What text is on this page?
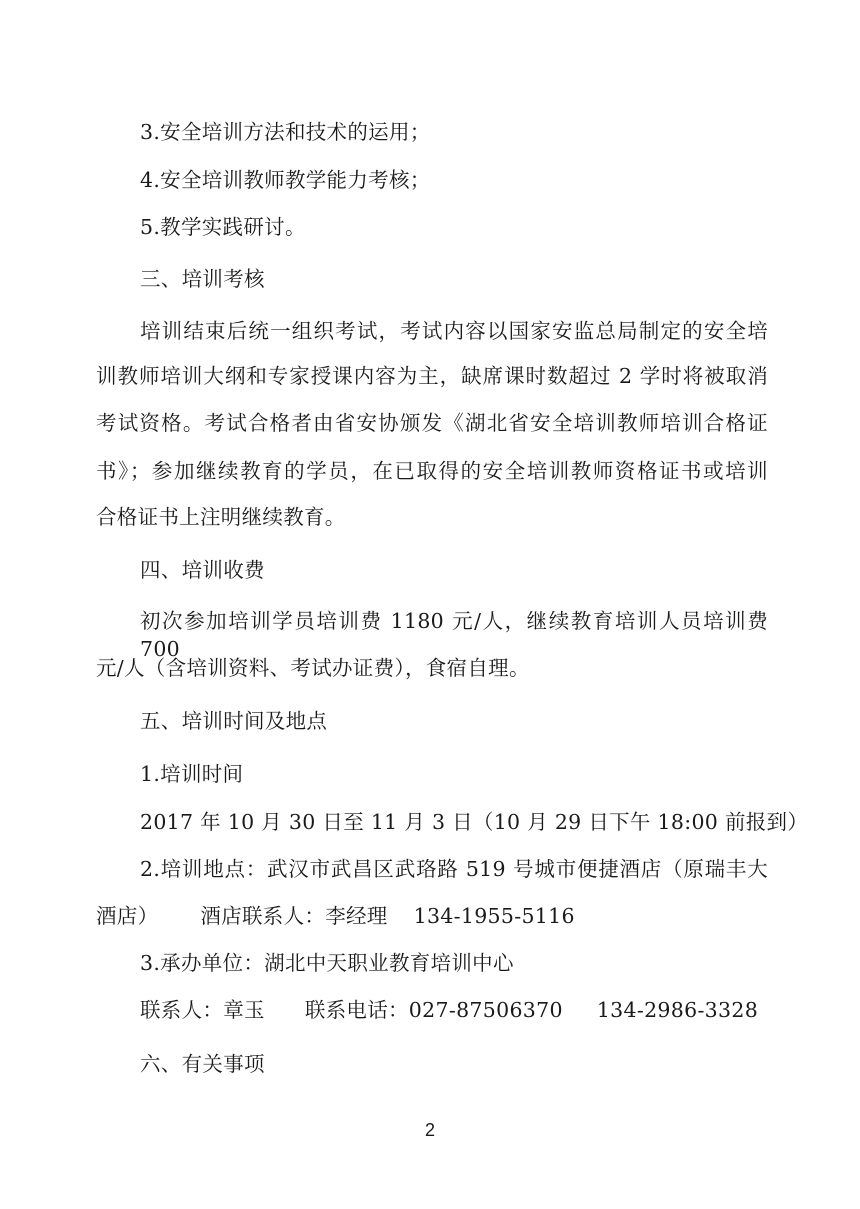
3.安全培训方法和技术的运用；
4.安全培训教师教学能力考核；
5.教学实践研讨。
三、培训考核
培训结束后统一组织考试，考试内容以国家安监总局制定的安全培
训教师培训大纲和专家授课内容为主，缺席课时数超过 2 学时将被取消
考试资格。考试合格者由省安协颁发《湖北省安全培训教师培训合格证
书》；参加继续教育的学员，在已取得的安全培训教师资格证书或培训
合格证书上注明继续教育。
四、培训收费
初次参加培训学员培训费 1180 元/人，继续教育培训人员培训费 700
元/人（含培训资料、考试办证费），食宿自理。
五、培训时间及地点
1.培训时间
2017 年 10 月 30 日至 11 月 3 日（10 月 29 日下午 18:00 前报到）
2.培训地点：武汉市武昌区武珞路 519 号城市便捷酒店（原瑞丰大
酒店） 酒店联系人：李经理 134-1955-5116
3.承办单位：湖北中天职业教育培训中心
联系人：章玉 联系电话：027-87506370 134-2986-3328
六、有关事项
2
